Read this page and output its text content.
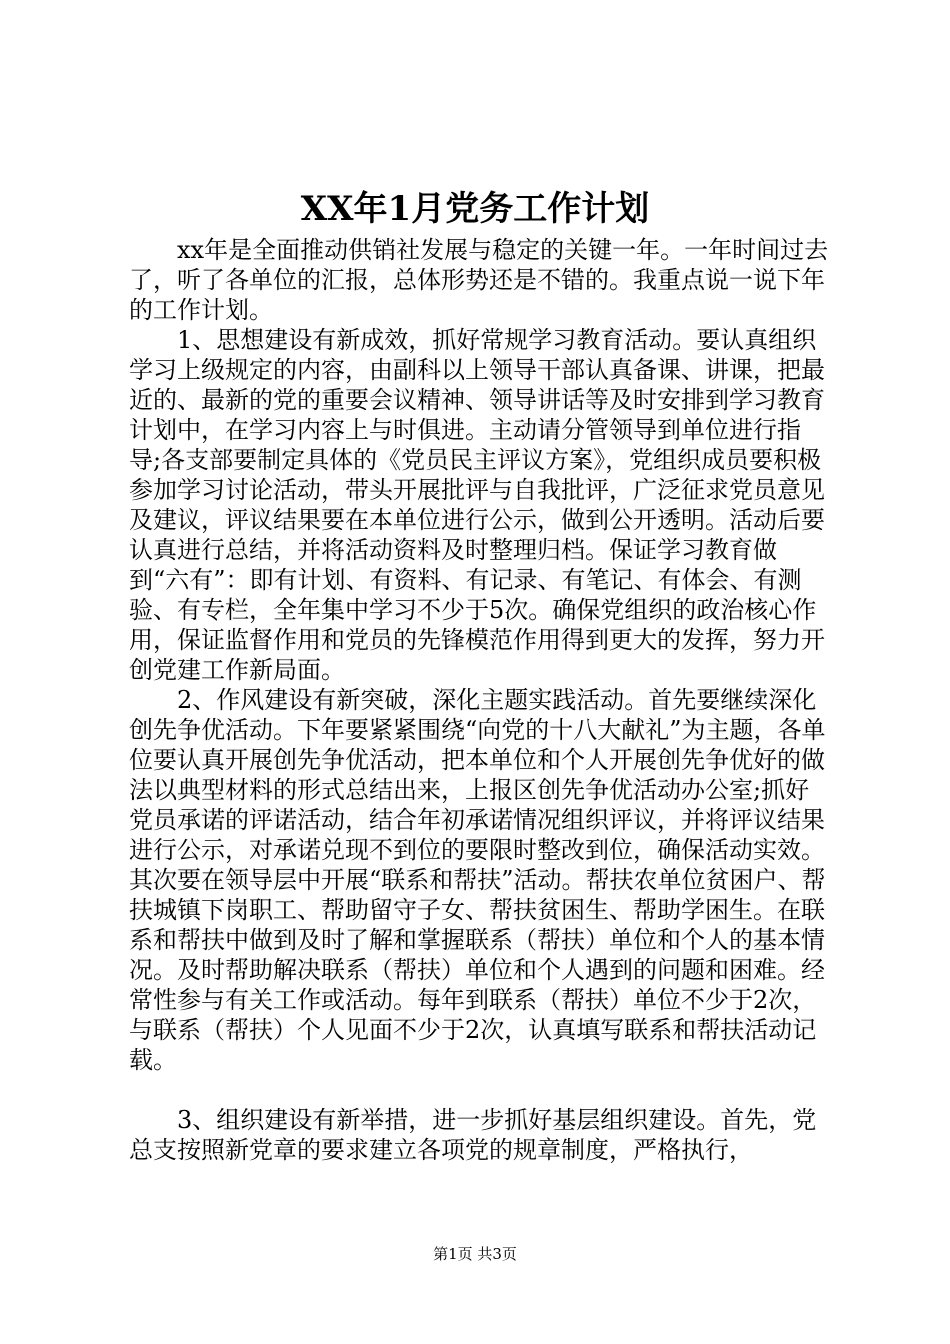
XX年1月党务工作计划

xx年是全面推动供销社发展与稳定的关键一年。一年时间过去了，听了各单位的汇报，总体形势还是不错的。我重点说一说下年的工作计划。

1、思想建设有新成效，抓好常规学习教育活动。要认真组织学习上级规定的内容，由副科以上领导干部认真备课、讲课，把最近的、最新的党的重要会议精神、领导讲话等及时安排到学习教育计划中，在学习内容上与时俱进。主动请分管领导到单位进行指导;各支部要制定具体的《党员民主评议方案》，党组织成员要积极参加学习讨论活动，带头开展批评与自我批评，广泛征求党员意见及建议，评议结果要在本单位进行公示，做到公开透明。活动后要认真进行总结，并将活动资料及时整理归档。保证学习教育做到“六有”：即有计划、有资料、有记录、有笔记、有体会、有测验、有专栏，全年集中学习不少于5次。确保党组织的政治核心作用，保证监督作用和党员的先锋模范作用得到更大的发挥，努力开创党建工作新局面。

2、作风建设有新突破，深化主题实践活动。首先要继续深化创先争优活动。下年要紧紧围绕“向党的十八大献礼”为主题，各单位要认真开展创先争优活动，把本单位和个人开展创先争优好的做法以典型材料的形式总结出来，上报区创先争优活动办公室;抓好党员承诺的评诺活动，结合年初承诺情况组织评议，并将评议结果进行公示，对承诺兑现不到位的要限时整改到位，确保活动实效。其次要在领导层中开展“联系和帮扶”活动。帮扶农单位贫困户、帮扶城镇下岗职工、帮助留守子女、帮扶贫困生、帮助学困生。在联系和帮扶中做到及时了解和掌握联系（帮扶）单位和个人的基本情况。及时帮助解决联系（帮扶）单位和个人遇到的问题和困难。经常性参与有关工作或活动。每年到联系（帮扶）单位不少于2次，与联系（帮扶）个人见面不少于2次，认真填写联系和帮扶活动记载。

3、组织建设有新举措，进一步抓好基层组织建设。首先，党总支按照新党章的要求建立各项党的规章制度，严格执行，

第1页 共3页
